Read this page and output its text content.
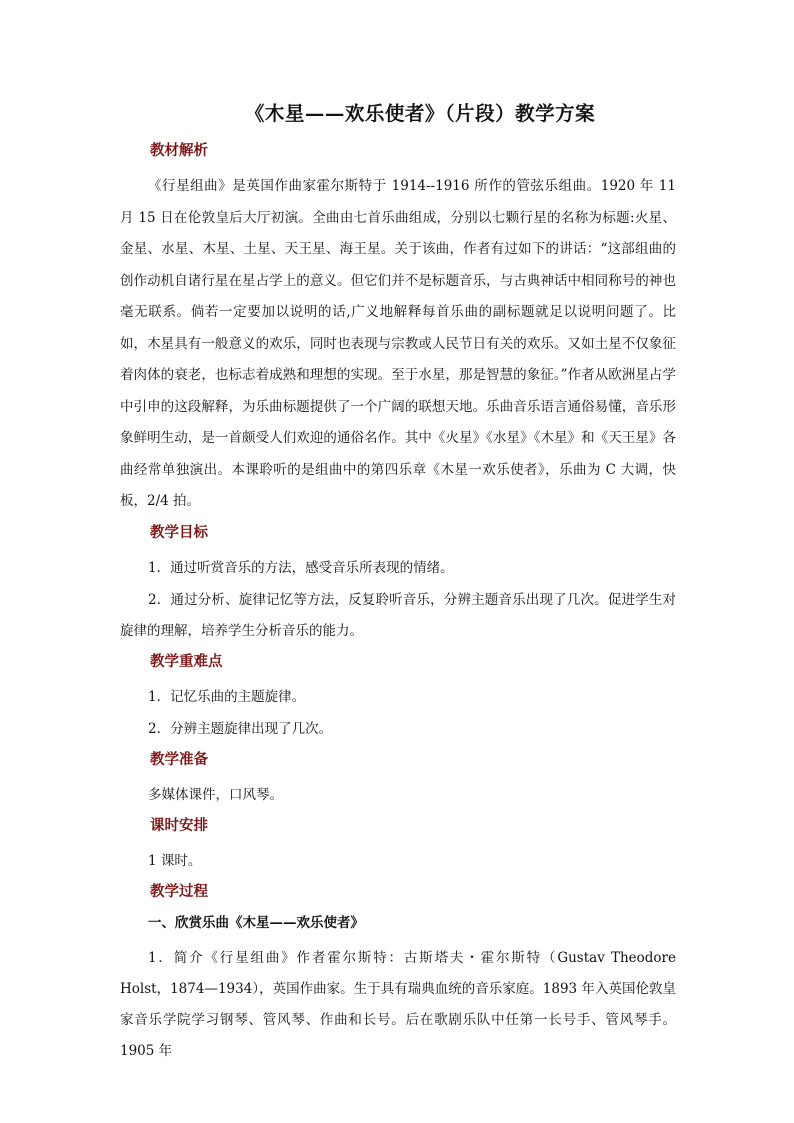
《木星——欢乐使者》（片段）教学方案
教材解析
《行星组曲》是英国作曲家霍尔斯特于 1914--1916 所作的管弦乐组曲。1920 年 11 月 15 日在伦敦皇后大厅初演。全曲由七首乐曲组成，分别以七颗行星的名称为标题:火星、金星、水星、木星、土星、天王星、海王星。关于该曲，作者有过如下的讲话：“这部组曲的创作动机自诸行星在星占学上的意义。但它们并不是标题音乐，与古典神话中相同称号的神也毫无联系。倘若一定要加以说明的话,广义地解释每首乐曲的副标题就足以说明问题了。比如，木星具有一般意义的欢乐，同时也表现与宗教或人民节日有关的欢乐。又如土星不仅象征着肉体的衰老，也标志着成熟和理想的实现。至于水星，那是智慧的象征。”作者从欧洲星占学中引申的这段解释，为乐曲标题提供了一个广阔的联想天地。乐曲音乐语言通俗易懂，音乐形象鲜明生动，是一首颇受人们欢迎的通俗名作。其中《火星》《水星》《木星》和《天王星》各曲经常单独演出。本课聆听的是组曲中的第四乐章《木星一欢乐使者》，乐曲为 C 大调，快板，2/4 拍。
教学目标
1．通过听赏音乐的方法，感受音乐所表现的情绪。
2．通过分析、旋律记忆等方法，反复聆听音乐，分辨主题音乐出现了几次。促进学生对旋律的理解，培养学生分析音乐的能力。
教学重难点
1．记忆乐曲的主题旋律。
2．分辨主题旋律出现了几次。
教学准备
多媒体课件，口风琴。
课时安排
1 课时。
教学过程
一、欣赏乐曲《木星——欢乐使者》
1．简介《行星组曲》作者霍尔斯特：古斯塔夫・霍尔斯特（Gustav Theodore Holst，1874—1934），英国作曲家。生于具有瑞典血统的音乐家庭。1893 年入英国伦敦皇家音乐学院学习钢琴、管风琴、作曲和长号。后在歌剧乐队中任第一长号手、管风琴手。1905 年
